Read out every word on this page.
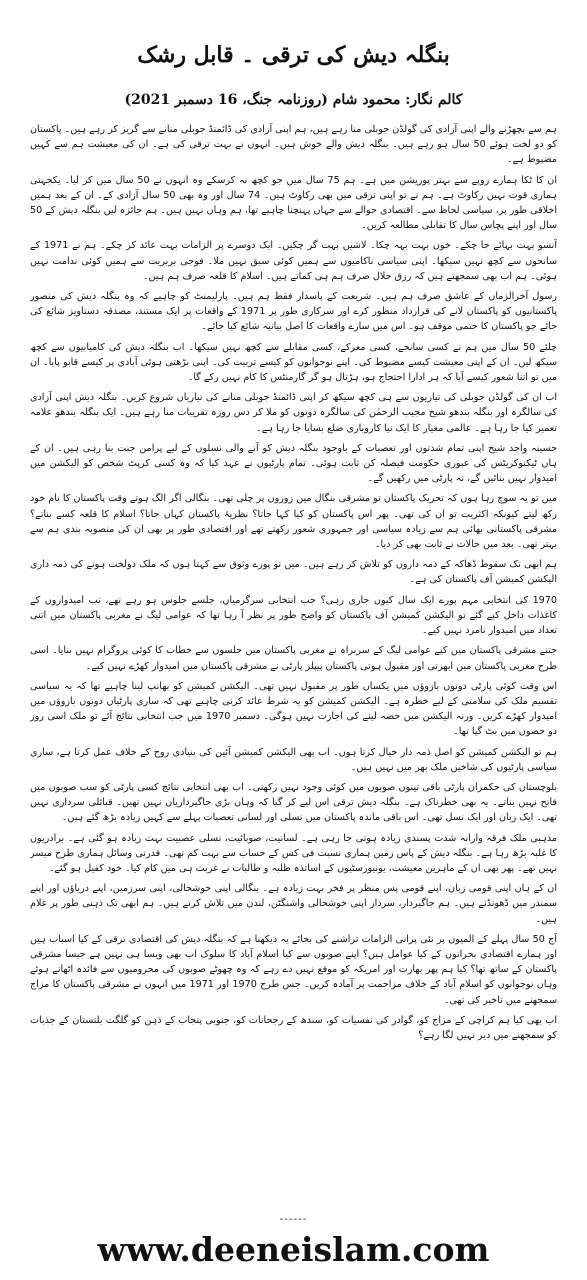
بنگلہ دیش کی ترقی ۔ قابل رشک
کالم نگار: محمود شام (روزنامہ جنگ، 16 دسمبر 2021)

ہم سے بچھڑنے والے اپنی آزادی کی گولڈن جوبلی منا رہے ہیں، ہم اپنی آزادی کی ڈائمنڈ جوبلی منانے سے گریز کر رہے ہیں۔ پاکستان کو دو لخت ہوئے 50 سال ہو رہے ہیں۔ بنگلہ دیش والے خوش ہیں۔ انہوں نے بہت ترقی کی ہے۔ ان کی معیشت ہم سے کہیں مضبوط ہے۔

ان کا ٹکا ہمارے روپے سے بہتر پوزیشن میں ہے۔ ہم 75 سال میں جو کچھ نہ کرسکے وہ انہوں نے 50 سال میں کر لیا۔ یکجہتی ہماری قوت نہیں رکاوٹ ہے۔ ہم نے تو اپنی ترقی میں بھی رکاوٹ ہیں۔ 74 سال اور وہ بھی 50 سال آزادی کے۔ ان کے بعد ہمیں اخلاقی طور پر، سیاسی لحاظ سے۔ اقتصادی حوالے سے جہاں پہنچنا چاہیے تھا، ہم وہاں نہیں ہیں۔ ہم جائزہ لیں بنگلہ دیش کے 50 سال اور اپنے پچاس سال کا تقابلی مطالعہ کریں۔

آنسو بہت بہائے جا چکے۔ خون بہت بہہ چکا۔ لاشیں بہت گر چکیں۔ ایک دوسرے پر الزامات بہت عائد کر چکے۔ ہم نے 1971 کے سانحوں سے کچھ نہیں سیکھا۔ اپنی سیاسی ناکامیوں سے ہمیں کوئی سبق نہیں ملا۔ فوجی بربریت سے ہمیں کوئی ندامت نہیں ہوئی۔ ہم اب بھی سمجھتے ہیں کہ رزق حلال صرف ہم ہی کماتے ہیں۔ اسلام کا قلعہ صرف ہم ہیں۔

رسول آخرالزماں کے عاشق صرف ہم ہیں۔ شریعت کے پاسدار فقط ہم ہیں۔ پارلیمنٹ کو چاہیے کہ وہ بنگلہ دیش کی منصور پاکستانیوں کو پاکستان لانے کی قرارداد منظور کرے اور سرکاری طور پر 1971 کے واقعات پر ایک مستند، مصدقہ دستاویز شائع کی جائے جو پاکستان کا حتمی موقف ہو۔ اس میں سارے واقعات کا اصل بیانیہ شائع کیا جائے۔

چلئے 50 سال میں ہم نے کسی سانحے، کسی معرکے، کسی مقابلے سے کچھ نہیں سیکھا۔ اب بنگلہ دیش کی کامیابیوں سے کچھ سیکھ لیں۔ ان کے اپنی معیشت کیسے مضبوط کی۔ اپنے نوجوانوں کو کیسے تربیت کی۔ اپنی بڑھتی ہوئی آبادی پر کیسے قابو پایا۔ ان میں تو اتنا شعور کیسے آیا کہ ہر ادارا احتجاج ہو، ہڑتال ہو گر گارمنٹس کا کام نہیں رکے گا۔

اب ان کی گولڈن جوبلی کی تیاریوں سے ہی کچھ سیکھ کر اپنی ڈائمنڈ جوبلی منانے کی تیاریاں شروع کریں۔ بنگلہ دیش اپنی آزادی کی سالگرہ اور بنگلہ بندھو شیخ مجیب الرحمٰن کی سالگرہ دونوں کو ملا کر دس روزہ تقریبات منا رہے ہیں۔ ایک بنگلہ بندھو علامہ تعمیر کیا جا رہا ہے۔ عالمی معیار کا ایک نیا کاروباری ضلع بسایا جا رہا ہے۔

حسینہ واجد شیخ اپنی تمام شدتوں اور تعصبات کے باوجود بنگلہ دیش کو آنے والی نسلوں کے لیے پرامن جنت بنا رہی ہیں۔ ان کے ہاں ٹیکنوکریٹس کی عبوری حکومت فیصلہ کن ثابت ہوئی۔ تمام پارٹیوں نے عہد کیا کہ وہ کسی کرپٹ شخص کو الیکشن میں امیدوار نہیں بنائیں گے، نہ پارٹی میں رکھیں گے۔

میں تو یہ سوچ رہا ہوں کہ تحریک پاکستان تو مشرقی بنگال میں زوروں پر چلی تھی۔ بنگالی اگر الگ ہوتے وقت پاکستان کا نام خود رکھ لیتے کیونکہ اکثریت تو ان کی تھی۔ پھر اس پاکستان کو کیا کہا جاتا؟ نظریۂ پاکستان کہاں جاتا؟ اسلام کا قلعہ کسے بناتے؟ مشرقی پاکستانی بھائی ہم سے زیادہ سیاسی اور جمہوری شعور رکھتے تھے اور اقتصادی طور پر بھی ان کی منصوبہ بندی ہم سے بہتر تھی۔ بعد میں حالات نے ثابت بھی کر دیا۔

ہم ابھی تک سقوط ڈھاکہ کے ذمہ داروں کو تلاش کر رہے ہیں۔ میں تو پورے وثوق سے کہتا ہوں کہ ملک دولخت ہونے کی ذمہ داری الیکشن کمیشن آف پاکستان کی ہے۔

1970 کی انتخابی مہم پورے ایک سال کیوں جاری رہی؟ جب انتخابی سرگرمیاں، جلسے جلوس ہو رہے تھے، تب امیدواروں کے کاغذات داخل کیے گئے تو الیکشن کمیشن آف پاکستان کو واضح طور پر نظر آ رہا تھا کہ عوامی لیگ نے مغربی پاکستان میں اتنی تعداد میں امیدوار نامزد نہیں کیے۔

جتنے مشرقی پاکستان میں کیے عوامی لیگ کے سربراہ نے مغربی پاکستان میں جلسوں سے خطاب کا کوئی پروگرام نہیں بنایا۔ اسی طرح مغربی پاکستان میں ابھرتی اور مقبول ہوتی پاکستان پیپلز پارٹی نے مشرقی پاکستان میں امیدوار کھڑے نہیں کیے۔

اس وقت کوئی پارٹی دونوں بازوؤں میں یکساں طور پر مقبول نہیں تھی۔ الیکشن کمیشن کو بھانپ لینا چاہیے تھا کہ یہ سیاسی تقسیم ملک کی سلامتی کے لیے خطرہ ہے۔ الیکشن کمیشن کو یہ شرط عائد کرنی چاہیے تھی کہ ساری پارٹیاں دونوں بازوؤں میں امیدوار کھڑے کریں۔ ورنہ الیکشن میں حصہ لینے کی اجازت نہیں ہوگی۔ دسمبر 1970 میں جب انتخابی نتائج آئے تو ملک اسی روز دو حصوں میں بٹ گیا تھا۔

ہم تو الیکشن کمیشن کو اصل ذمہ دار خیال کرتا ہوں۔ اب بھی الیکشن کمیشن آئین کی بنیادی روح کے خلاف عمل کرتا ہے، ساری سیاسی پارٹیوں کی شاخیں ملک بھر میں نہیں ہیں۔

بلوچستان کی حکمران پارٹی باقی تینوں صوبوں میں کوئی وجود نہیں رکھتی۔ اب بھی انتخابی نتائج کسی پارٹی کو سب صوبوں میں فاتح نہیں بناتے۔ یہ بھی خطرناک ہے۔ بنگلہ دیش ترقی اس لیے کر گیا کہ وہاں بڑی جاگیرداریاں نہیں تھیں۔ قبائلی سرداری نہیں تھی۔ ایک زبان اور ایک نسل تھی۔ اس باقی ماندہ پاکستان میں نسلی اور لسانی تعصبات پہلے سے کہیں زیادہ بڑھ گئے ہیں۔

مذہبی ملک فرقہ وارانہ شدت پسندی زیادہ ہوتی جا رہی ہے۔ لسانیت، صوبائیت، نسلی عصبیت بہت زیادہ ہو گئی ہے۔ برادریوں کا غلبہ بڑھ رہا ہے۔ بنگلہ دیش کے پاس زمین ہماری نسبت فی کس کے حساب سے بہت کم تھی۔ قدرتی وسائل ہماری طرح میسر نہیں تھے۔ پھر بھی ان کے ماہرین معیشت، یونیورسٹیوں کے اساتذہ طلبہ و طالبات نے غربت ہی میں کام کیا۔ خود کفیل ہو گئے۔

ان کے ہاں اپنی قومی زبان، اپنے قومی پس منظر پر فخر بہت زیادہ ہے۔ بنگالی اپنی خوشحالی، اپنی سرزمین، اپنے دریاؤں اور اپنے سمندر میں ڈھونڈتے ہیں۔ ہم جاگیردار، سردار اپنی خوشحالی واشنگٹن، لندن میں تلاش کرتے ہیں۔ ہم ابھی تک ذہنی طور پر غلام ہیں۔

آج 50 سال پہلے کے المیوں پر نئی پرانی الزامات تراشنے کی بجائے یہ دیکھنا ہے کہ بنگلہ دیش کی اقتصادی ترقی کے کیا اسباب ہیں اور ہمارے اقتصادی بحرانوں کے کیا عوامل ہیں؟ اپنے صوبوں سے کیا اسلام آباد کا سلوک اب بھی ویسا ہی نہیں ہے جیسا مشرقی پاکستان کے ساتھ تھا؟ کیا ہم پھر بھارت اور امریکہ کو موقع نہیں دے رہے کہ وہ چھوٹے صوبوں کی محرومیوں سے فائدہ اٹھاتے ہوئے وہاں نوجوانوں کو اسلام آباد کے خلاف مزاحمت پر آمادہ کریں۔ جس طرح 1970 اور 1971 میں انہوں نے مشرقی پاکستان کا مزاج سمجھنے میں تاخیر کی تھی۔

اب بھی کیا ہم کراچی کے مزاج کو، گوادر کی نفسیات کو، سندھ کے رجحانات کو، جنوبی پنجاب کے ذہن کو گلگت بلتستان کے جذبات کو سمجھنے میں دیر نہیں لگا رہے؟

------
www.deeneislam.com
